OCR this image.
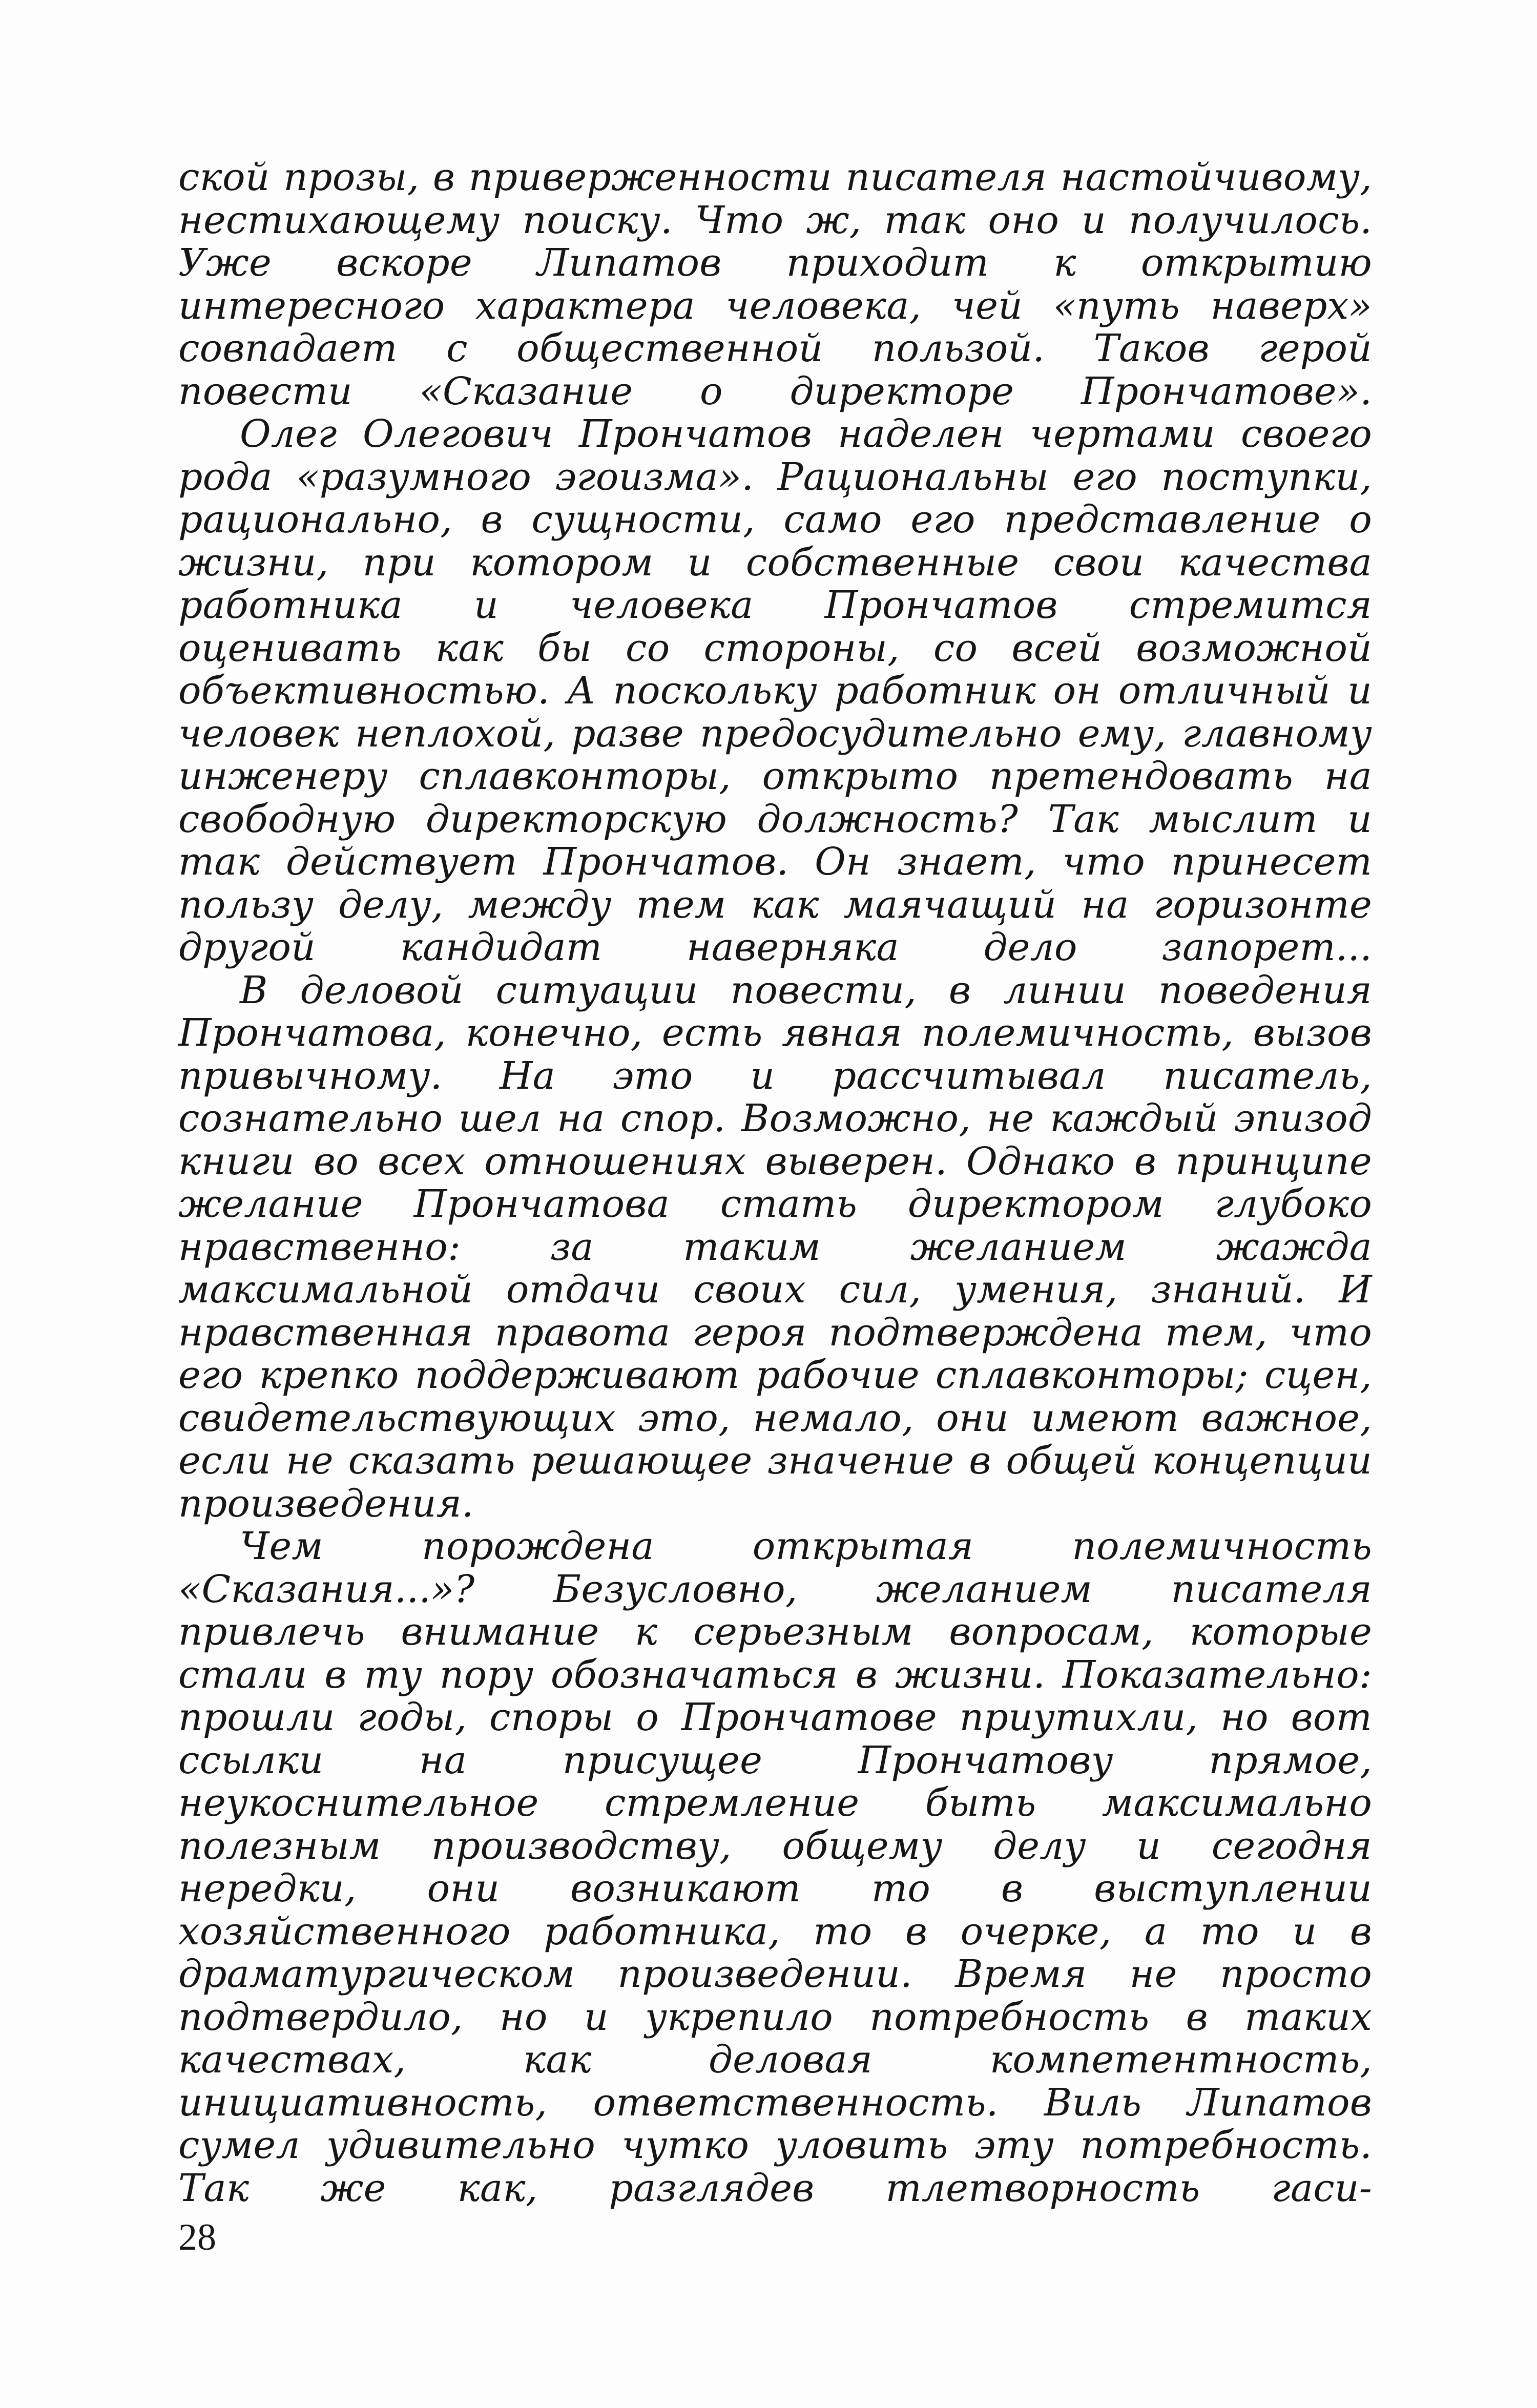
ской прозы, в приверженности писателя настойчивому, нестихающему поиску. Что ж, так оно и получилось. Уже вскоре Липатов приходит к открытию интересного характера человека, чей «путь наверх» совпадает с общественной пользой. Таков герой повести «Сказание о директоре Прончатове».

Олег Олегович Прончатов наделен чертами своего рода «разумного эгоизма». Рациональны его поступки, рационально, в сущности, само его представление о жизни, при котором и собственные свои качества работника и человека Прончатов стремится оценивать как бы со стороны, со всей возможной объективностью. А поскольку работник он отличный и человек неплохой, разве предосудительно ему, главному инженеру сплавконторы, открыто претендовать на свободную директорскую должность? Так мыслит и так действует Прончатов. Он знает, что принесет пользу делу, между тем как маячащий на горизонте другой кандидат наверняка дело запорет...

В деловой ситуации повести, в линии поведения Прончатова, конечно, есть явная полемичность, вызов привычному. На это и рассчитывал писатель, сознательно шел на спор. Возможно, не каждый эпизод книги во всех отношениях выверен. Однако в принципе желание Прончатова стать директором глубоко нравственно: за таким желанием жажда максимальной отдачи своих сил, умения, знаний. И нравственная правота героя подтверждена тем, что его крепко поддерживают рабочие сплавконторы; сцен, свидетельствующих это, немало, они имеют важное, если не сказать решающее значение в общей концепции произведения.

Чем порождена открытая полемичность «Сказания...»? Безусловно, желанием писателя привлечь внимание к серьезным вопросам, которые стали в ту пору обозначаться в жизни. Показательно: прошли годы, споры о Прончатове приутихли, но вот ссылки на присущее Прончатову прямое, неукоснительное стремление быть максимально полезным производству, общему делу и сегодня нередки, они возникают то в выступлении хозяйственного работника, то в очерке, а то и в драматургическом произведении. Время не просто подтвердило, но и укрепило потребность в таких качествах, как деловая компетентность, инициативность, ответственность. Виль Липатов сумел удивительно чутко уловить эту потребность. Так же как, разглядев тлетворность гаси-

28
